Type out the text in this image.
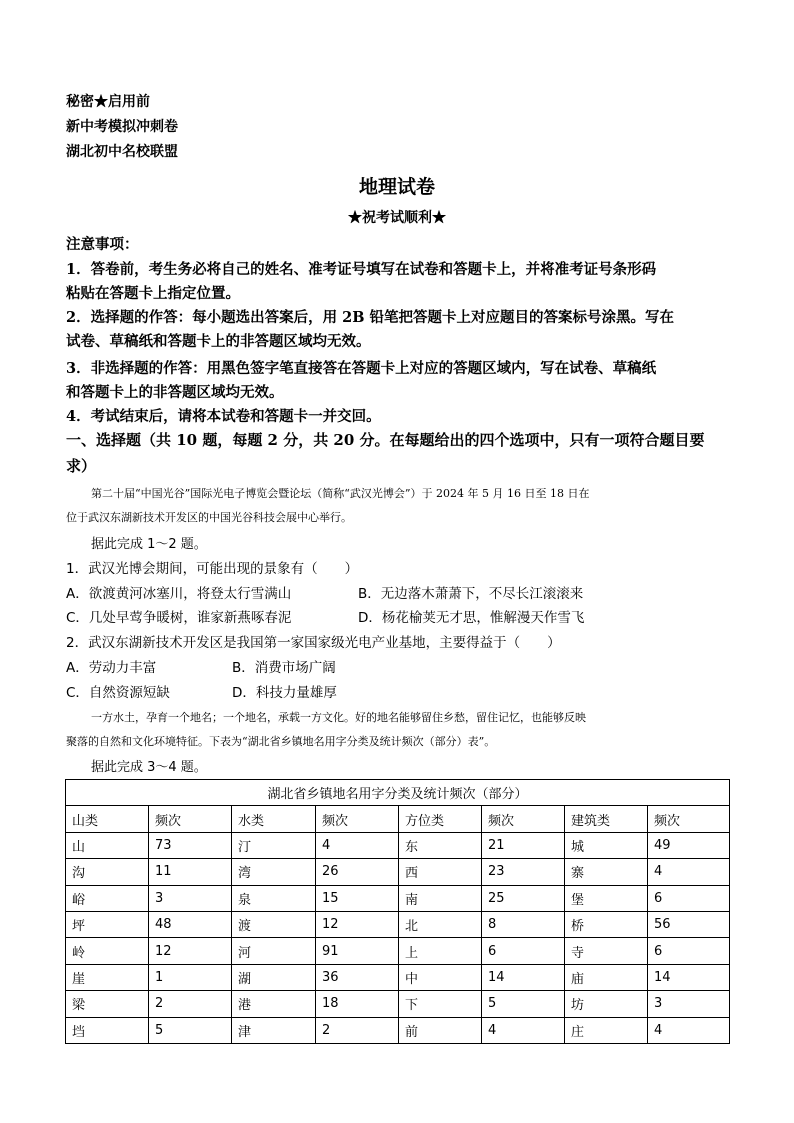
秘密★启用前
新中考模拟冲刺卷
湖北初中名校联盟
地理试卷
★祝考试顺利★
注意事项：
1．答卷前，考生务必将自己的姓名、准考证号填写在试卷和答题卡上，并将准考证号条形码
粘贴在答题卡上指定位置。
2．选择题的作答：每小题选出答案后，用 2B 铅笔把答题卡上对应题目的答案标号涂黑。写在
试卷、草稿纸和答题卡上的非答题区域均无效。
3．非选择题的作答：用黑色签字笔直接答在答题卡上对应的答题区域内，写在试卷、草稿纸
和答题卡上的非答题区域均无效。
4．考试结束后，请将本试卷和答题卡一并交回。
一、选择题（共 10 题，每题 2 分，共 20 分。在每题给出的四个选项中，只有一项符合题目要
求）
第二十届“中国光谷”国际光电子博览会暨论坛（简称“武汉光博会”）于 2024 年 5 月 16 日至 18 日在
位于武汉东湖新技术开发区的中国光谷科技会展中心举行。
据此完成 1～2 题。
1．武汉光博会期间，可能出现的景象有（　　）
A．欲渡黄河冰塞川，将登太行雪满山	B．无边落木萧萧下，不尽长江滚滚来
C．几处早莺争暖树，谁家新燕啄春泥	D．杨花榆荚无才思，惟解漫天作雪飞
2．武汉东湖新技术开发区是我国第一家国家级光电产业基地，主要得益于（　　）
A．劳动力丰富	B．消费市场广阔
C．自然资源短缺	D．科技力量雄厚
一方水土，孕育一个地名；一个地名，承载一方文化。好的地名能够留住乡愁，留住记忆，也能够反映
聚落的自然和文化环境特征。下表为“湖北省乡镇地名用字分类及统计频次（部分）表”。
据此完成 3～4 题。
湖北省乡镇地名用字分类及统计频次（部分）							
山类	频次	水类	频次	方位类	频次	建筑类	频次
山	73	汀	4	东	21	城	49
沟	11	湾	26	西	23	寨	4
峪	3	泉	15	南	25	堡	6
坪	48	渡	12	北	8	桥	56
岭	12	河	91	上	6	寺	6
崖	1	湖	36	中	14	庙	14
梁	2	港	18	下	5	坊	3
垱	5	津	2	前	4	庄	4
